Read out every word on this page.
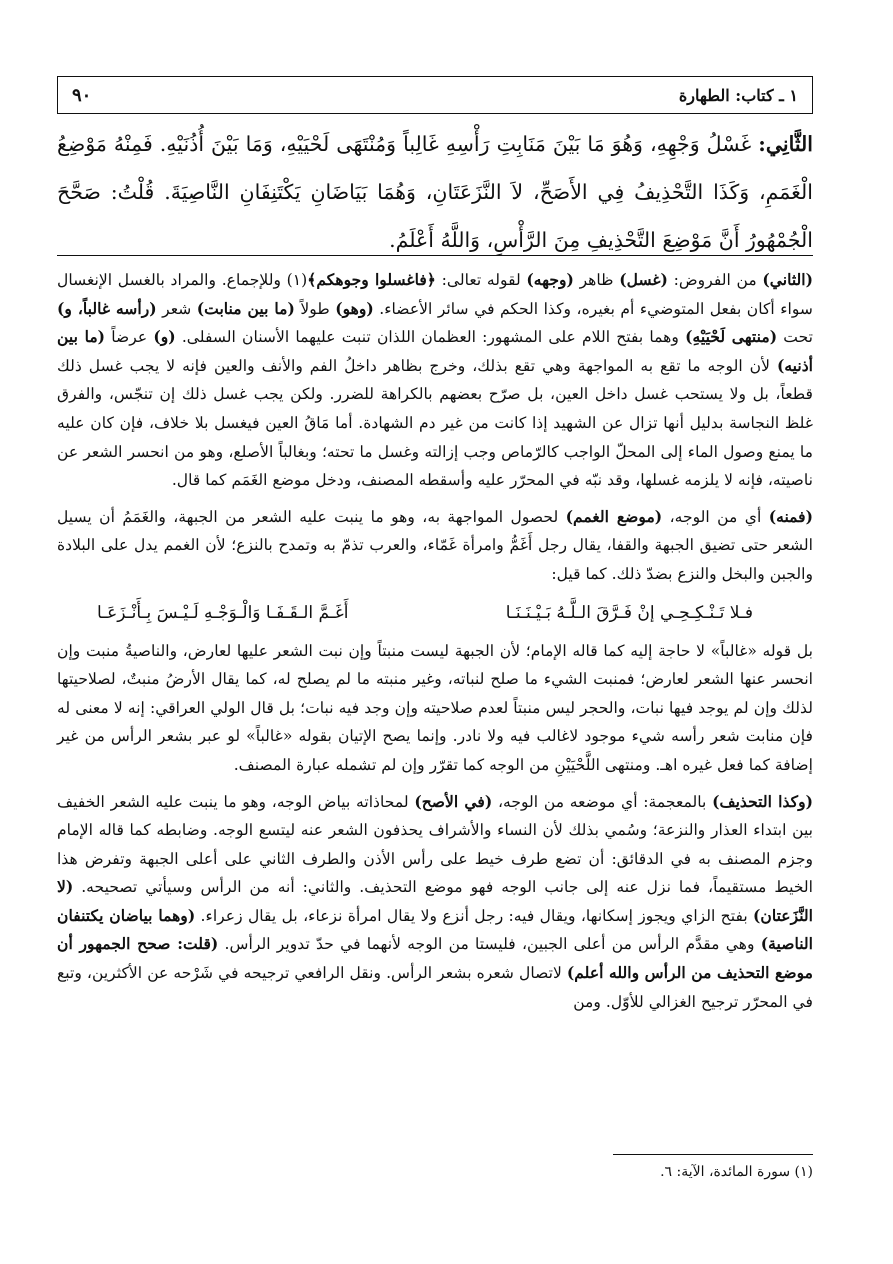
١ ـ كتاب: الطهارة
٩٠
الثَّانِي: غَسْلُ وَجْهِهِ، وَهُوَ مَا بَيْنَ مَنَابِتِ رَأْسِهِ غَالِباً وَمُنْتَهَى لَحْيَيْهِ، وَمَا بَيْنَ أُذُنَيْهِ. فَمِنْهُ مَوْضِعُ الْغَمَمِ، وَكَذَا التَّحْذِيفُ فِي الأَصَحِّ، لاَ النَّزَعَتَانِ، وَهُمَا بَيَاضَانِ يَكْتَنِفَانِ النَّاصِيَةَ. قُلْتُ: صَحَّحَ الْجُمْهُورُ أَنَّ مَوْضِعَ التَّحْذِيفِ مِنَ الرَّأْسِ، وَاللَّهُ أَعْلَمُ.

(الثاني) من الفروض: (غسل) ظاهر (وجهه) لقوله تعالى: ﴿فاغسلوا وجوهكم﴾(١) وللإجماع. والمراد بالغسل الإنغسال سواء أكان بفعل المتوضيء أم بغيره، وكذا الحكم في سائر الأعضاء. (وهو) طولاً (ما بين منابت) شعر (رأسه غالباً، و) تحت (منتهى لَحْيَيْهِ) وهما بفتح اللام على المشهور: العظمان اللذان تنبت عليهما الأسنان السفلى. (و) عرضاً (ما بين أذنيه) لأن الوجه ما تقع به المواجهة وهي تقع بذلك، وخرج بظاهر داخلُ الفم والأنف والعين فإنه لا يجب غسل ذلك قطعاً، بل ولا يستحب غسل داخل العين، بل صرّح بعضهم بالكراهة للضرر. ولكن يجب غسل ذلك إن تنجّس، والفرق غلظ النجاسة بدليل أنها تزال عن الشهيد إذا كانت من غير دم الشهادة. أما مَاقُ العين فيغسل بلا خلاف، فإن كان عليه ما يمنع وصول الماء إلى المحلّ الواجب كالرّماص وجب إزالته وغسل ما تحته؛ وبغالباً الأصلع، وهو من انحسر الشعر عن ناصيته، فإنه لا يلزمه غسلها، وقد نبّه في المحرّر عليه وأسقطه المصنف، ودخل موضع الغَمَم كما قال.

(فمنه) أي من الوجه، (موضع الغمم) لحصول المواجهة به، وهو ما ينبت عليه الشعر من الجبهة، والغَمَمُ أن يسيل الشعر حتى تضيق الجبهة والقفا، يقال رجل أَغَمُّ وامرأة غَمّاء، والعرب تذمّ به وتمدح بالنزع؛ لأن الغمم يدل على البلادة والجبن والبخل والنزع بضدّ ذلك. كما قيل:

فـلا تَـنْـكِـحِـي إنْ فَـرَّقَ الـلَّـهُ بَـيْـنَـنَـا
أَغَـمَّ الـقَـفَـا وَالْـوَجْـهِ لَـيْـسَ بِـأَنْـزَعَـا

بل قوله «غالباً» لا حاجة إليه كما قاله الإمام؛ لأن الجبهة ليست منبتاً وإن نبت الشعر عليها لعارض، والناصيةُ منبت وإن انحسر عنها الشعر لعارض؛ فمنبت الشيء ما صلح لنباته، وغير منبته ما لم يصلح له، كما يقال الأرضُ منبتٌ، لصلاحيتها لذلك وإن لم يوجد فيها نبات، والحجر ليس منبتاً لعدم صلاحيته وإن وجد فيه نبات؛ بل قال الولي العراقي: إنه لا معنى له فإن منابت شعر رأسه شيء موجود لاغالب فيه ولا نادر. وإنما يصح الإتيان بقوله «غالباً» لو عبر بشعر الرأس من غير إضافة كما فعل غيره اهـ. ومنتهى اللَّحْيَيْنِ من الوجه كما تقرّر وإن لم تشمله عبارة المصنف.

(وكذا التحذيف) بالمعجمة: أي موضعه من الوجه، (في الأصح) لمحاذاته بياض الوجه، وهو ما ينبت عليه الشعر الخفيف بين ابتداء العذار والنزعة؛ وسُمي بذلك لأن النساء والأشراف يحذفون الشعر عنه ليتسع الوجه. وضابطه كما قاله الإمام وجزم المصنف به في الدقائق: أن تضع طرف خيط على رأس الأذن والطرف الثاني على أعلى الجبهة وتفرض هذا الخيط مستقيماً، فما نزل عنه إلى جانب الوجه فهو موضع التحذيف. والثاني: أنه من الرأس وسيأتي تصحيحه. (لا النَّزَعتان) بفتح الزاي ويجوز إسكانها، ويقال فيه: رجل أنزع ولا يقال امرأة نزعاء، بل يقال زعراء. (وهما بياضان يكتنفان الناصية) وهي مقدَّم الرأس من أعلى الجبين، فليستا من الوجه لأنهما في حدّ تدوير الرأس. (قلت: صحح الجمهور أن موضع التحذيف من الرأس والله أعلم) لاتصال شعره بشعر الرأس. ونقل الرافعي ترجيحه في شَرْحه عن الأكثرين، وتبع في المحرّر ترجيح الغزالي للأوّل. ومن

(١) سورة المائدة، الآية: ٦.
